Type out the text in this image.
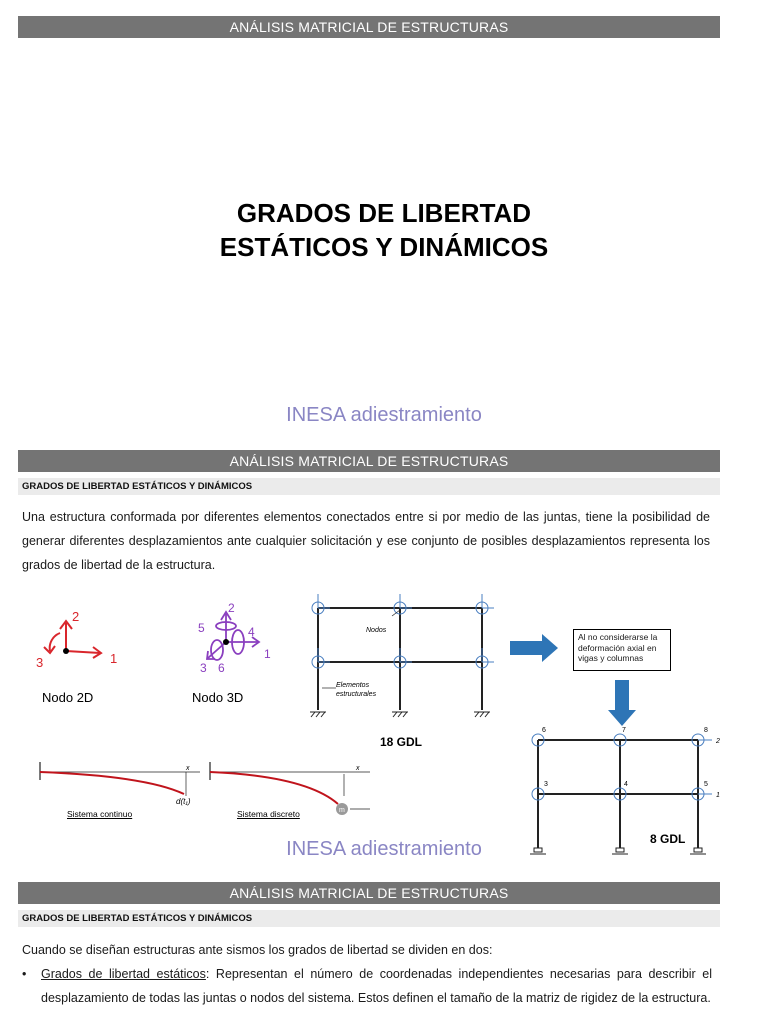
ANÁLISIS MATRICIAL DE ESTRUCTURAS
GRADOS DE LIBERTAD
ESTÁTICOS Y DINÁMICOS
INESA adiestramiento
ANÁLISIS MATRICIAL DE ESTRUCTURAS
GRADOS DE LIBERTAD ESTÁTICOS Y DINÁMICOS
Una estructura conformada por diferentes elementos conectados entre si por medio de las juntas, tiene la posibilidad de generar diferentes desplazamientos ante cualquier solicitación y ese conjunto de posibles desplazamientos representa los grados de libertad de la estructura.
2
1
3
Nodo 2D
2
5	4
1
3 6
Nodo 3D
Nodos
Elementos
estructurales
18 GDL
Al no considerarse la deformación axial en vigas y columnas
6	7	8
2
3	4	5
1
8 GDL
x
d(t₁)
Sistema continuo
x
m
Sistema discreto
INESA adiestramiento
ANÁLISIS MATRICIAL DE ESTRUCTURAS
GRADOS DE LIBERTAD ESTÁTICOS Y DINÁMICOS
Cuando se diseñan estructuras ante sismos los grados de libertad se dividen en dos:
• Grados de libertad estáticos: Representan el número de coordenadas independientes necesarias para describir el desplazamiento de todas las juntas o nodos del sistema. Estos definen el tamaño de la matriz de rigidez de la estructura.
